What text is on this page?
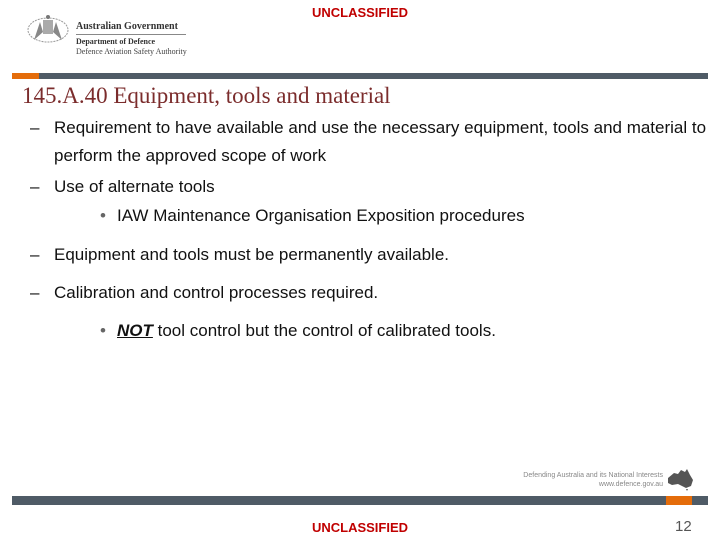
UNCLASSIFIED
Australian Government
Department of Defence
Defence Aviation Safety Authority
145.A.40 Equipment, tools and material
– Requirement to have available and use the necessary equipment, tools and material to perform the approved scope of work
– Use of alternate tools
• IAW Maintenance Organisation Exposition procedures
– Equipment and tools must be permanently available.
– Calibration and control processes required.
• NOT tool control but the control of calibrated tools.
Defending Australia and its National Interests
www.defence.gov.au
UNCLASSIFIED	12
